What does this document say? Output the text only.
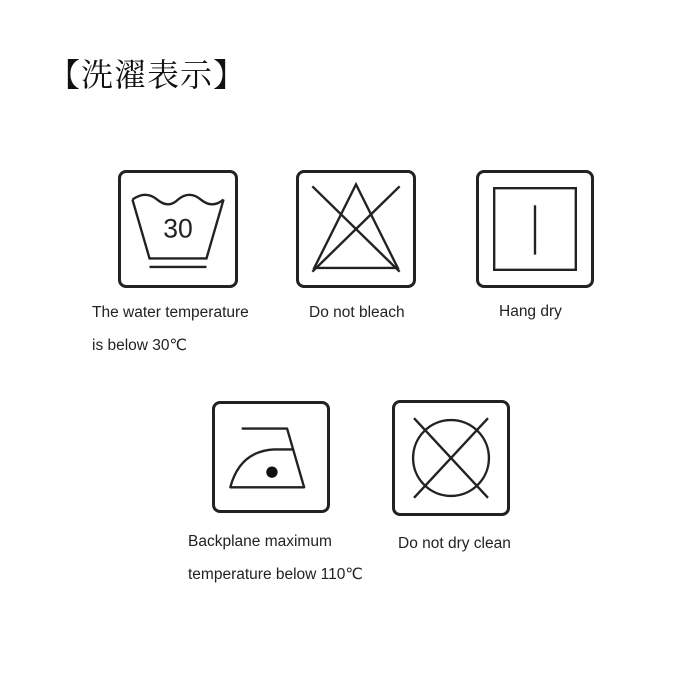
【洗濯表示】
30
The water temperature
is below 30℃
Do not bleach	Hang dry
Backplane maximum
temperature below 110℃
Do not dry clean
